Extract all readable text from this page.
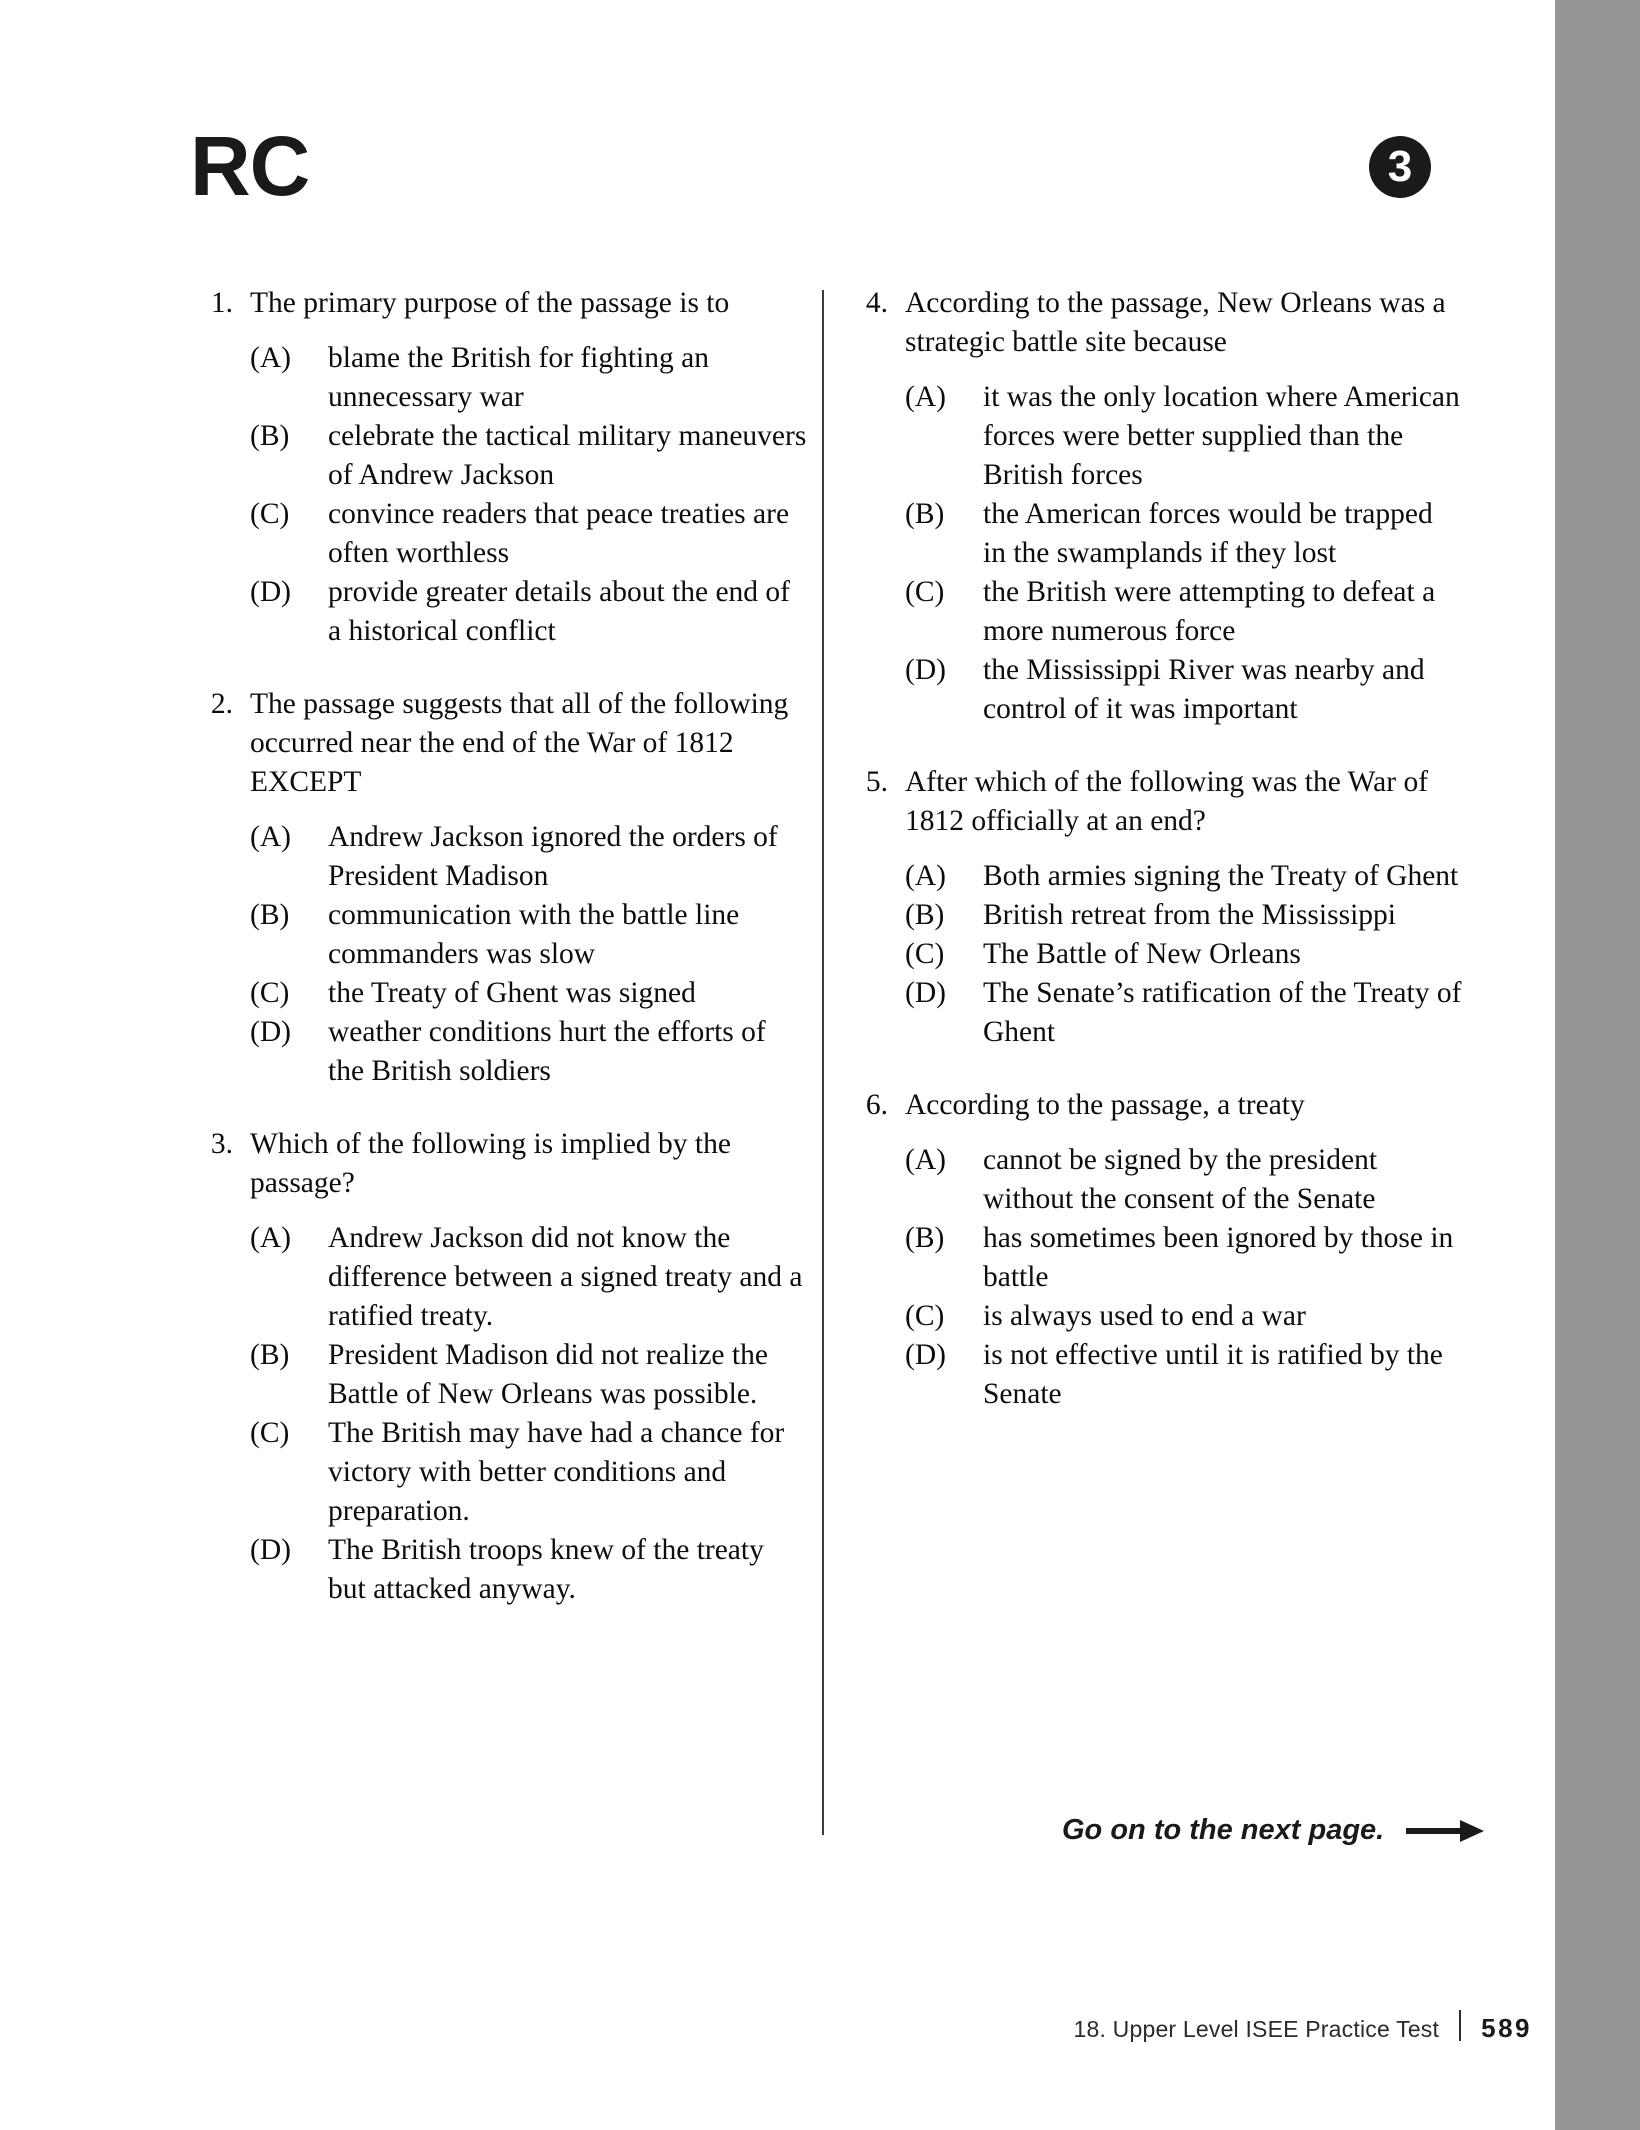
RC	3
1. The primary purpose of the passage is to
(A)	blame the British for fighting an unnecessary war
(B)	celebrate the tactical military maneuvers of Andrew Jackson
(C)	convince readers that peace treaties are often worthless
(D)	provide greater details about the end of a historical conflict
2. The passage suggests that all of the following occurred near the end of the War of 1812 EXCEPT
(A)	Andrew Jackson ignored the orders of President Madison
(B)	communication with the battle line commanders was slow
(C)	the Treaty of Ghent was signed
(D)	weather conditions hurt the efforts of the British soldiers
3. Which of the following is implied by the passage?
(A)	Andrew Jackson did not know the difference between a signed treaty and a ratified treaty.
(B)	President Madison did not realize the Battle of New Orleans was possible.
(C)	The British may have had a chance for victory with better conditions and preparation.
(D)	The British troops knew of the treaty but attacked anyway.
4. According to the passage, New Orleans was a strategic battle site because
(A)	it was the only location where American forces were better supplied than the British forces
(B)	the American forces would be trapped in the swamplands if they lost
(C)	the British were attempting to defeat a more numerous force
(D)	the Mississippi River was nearby and control of it was important
5. After which of the following was the War of 1812 officially at an end?
(A)	Both armies signing the Treaty of Ghent
(B)	British retreat from the Mississippi
(C)	The Battle of New Orleans
(D)	The Senate’s ratification of the Treaty of Ghent
6. According to the passage, a treaty
(A)	cannot be signed by the president without the consent of the Senate
(B)	has sometimes been ignored by those in battle
(C)	is always used to end a war
(D)	is not effective until it is ratified by the Senate
Go on to the next page.
18. Upper Level ISEE Practice Test 589
